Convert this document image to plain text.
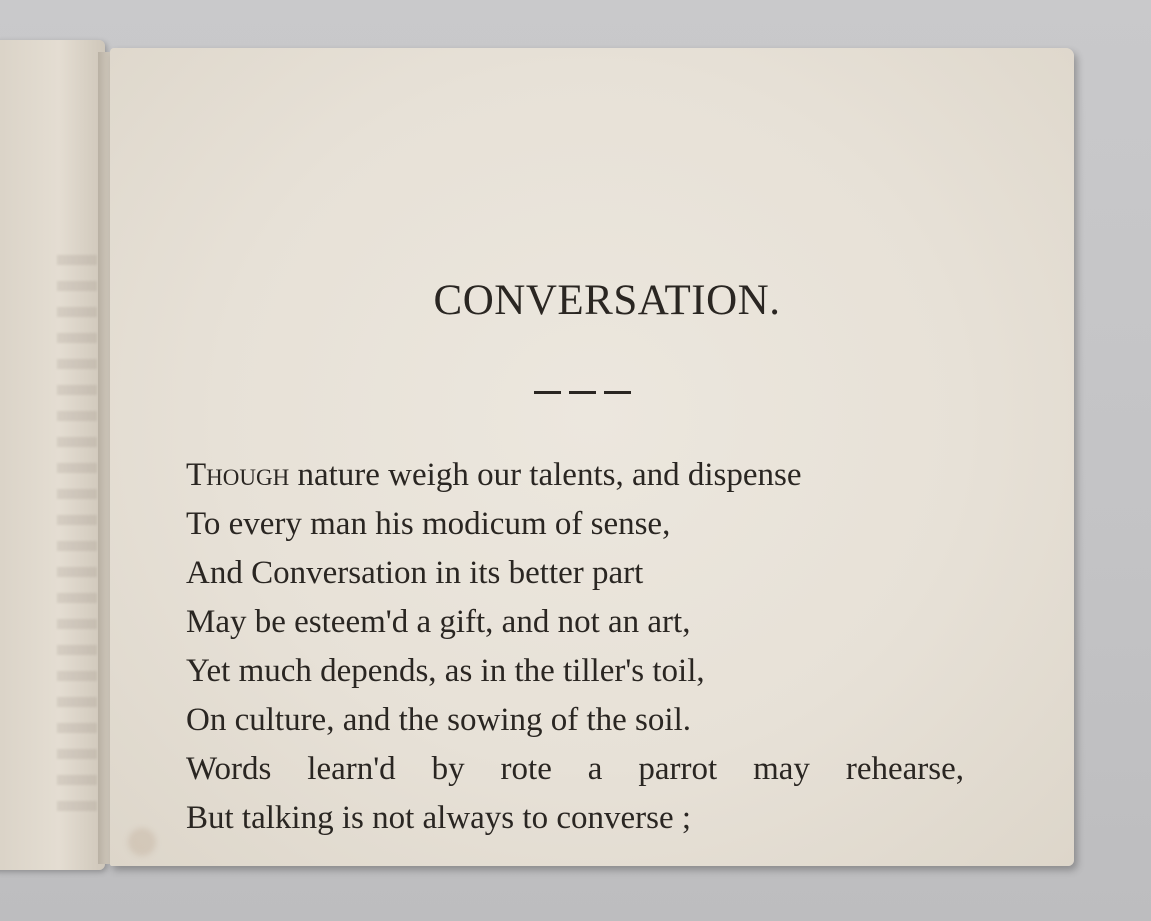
CONVERSATION.
Though nature weigh our talents, and dispense
To every man his modicum of sense,
And Conversation in its better part
May be esteem'd a gift, and not an art,
Yet much depends, as in the tiller's toil,
On culture, and the sowing of the soil.
Words learn'd by rote a parrot may rehearse,
But talking is not always to converse ;
